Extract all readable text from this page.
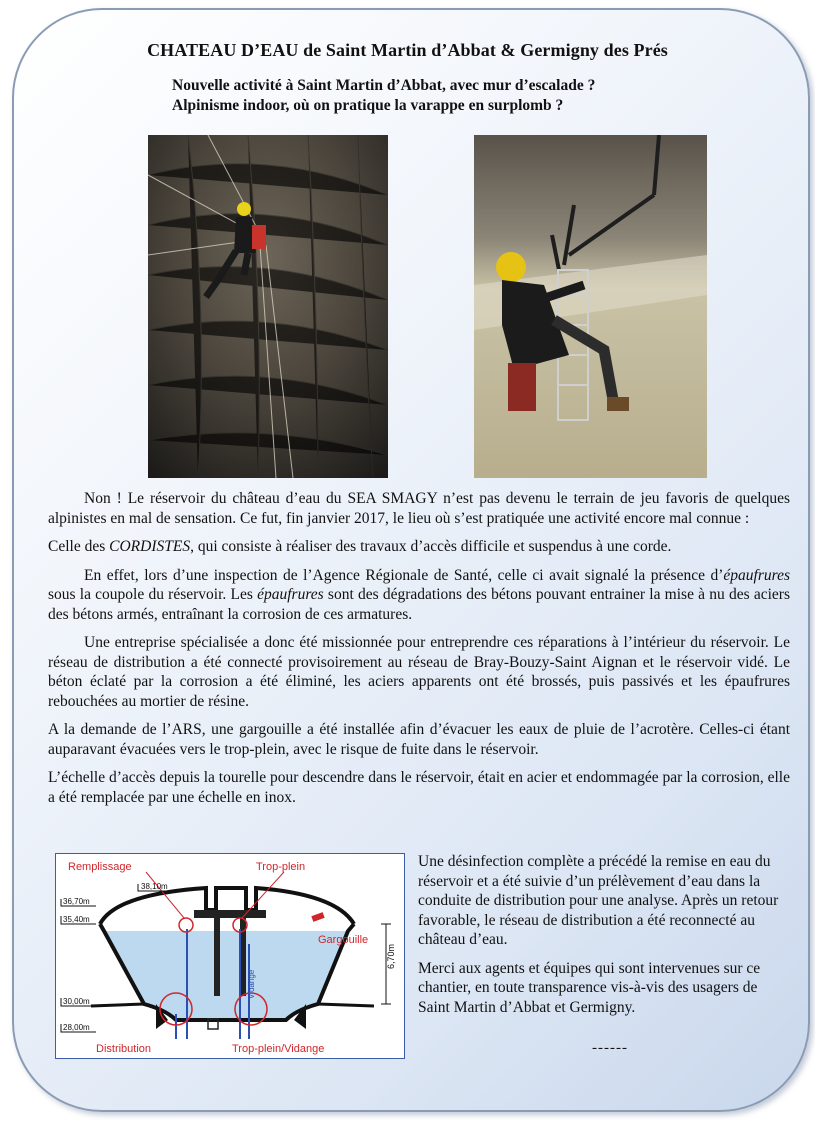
CHATEAU D’EAU de Saint Martin d’Abbat & Germigny des Prés
Nouvelle activité à Saint Martin d’Abbat, avec mur d’escalade ?
Alpinisme indoor, où on pratique la varappe en surplomb ?

Non ! Le réservoir du château d’eau du SEA SMAGY n’est pas devenu le terrain de jeu favoris de quelques alpinistes en mal de sensation. Ce fut, fin janvier 2017, le lieu où s’est pratiquée une activité encore mal connue :

Celle des CORDISTES, qui consiste à réaliser des travaux d’accès difficile et suspendus à une corde.

En effet, lors d’une inspection de l’Agence Régionale de Santé, celle ci avait signalé la présence d’épaufrures sous la coupole du réservoir. Les épaufrures sont des dégradations des bétons pouvant entrainer la mise à nu des aciers des bétons armés, entraînant la corrosion de ces armatures.

Une entreprise spécialisée a donc été missionnée pour entreprendre ces réparations à l’intérieur du réservoir. Le réseau de distribution a été connecté provisoirement au réseau de Bray-Bouzy-Saint Aignan et le réservoir vidé. Le béton éclaté par la corrosion a été éliminé, les aciers apparents ont été brossés, puis passivés et les épaufrures rebouchées au mortier de résine.

A la demande de l’ARS, une gargouille a été installée afin d’évacuer les eaux de pluie de l’acrotère. Celles-ci étant auparavant évacuées vers le trop-plein, avec le risque de fuite dans le réservoir.

L’échelle d’accès depuis la tourelle pour descendre dans le réservoir, était en acier et endommagée par la corrosion, elle a été remplacée par une échelle en inox.

6,70m
38,10m
36,70m
35,40m
30,00m
28,00m
Remplissage	Trop-plein
Gargouille
Vidange
Distribution	Trop-plein/Vidange

Une désinfection complète a précédé la remise en eau du réservoir et a été suivie d’un prélèvement d’eau dans la conduite de distribution pour une analyse. Après un retour favorable, le réseau de distribution a été reconnecté au château d’eau.

Merci aux agents et équipes qui sont intervenues sur ce chantier, en toute transparence vis-à-vis des usagers de Saint Martin d’Abbat et Germigny.

------
